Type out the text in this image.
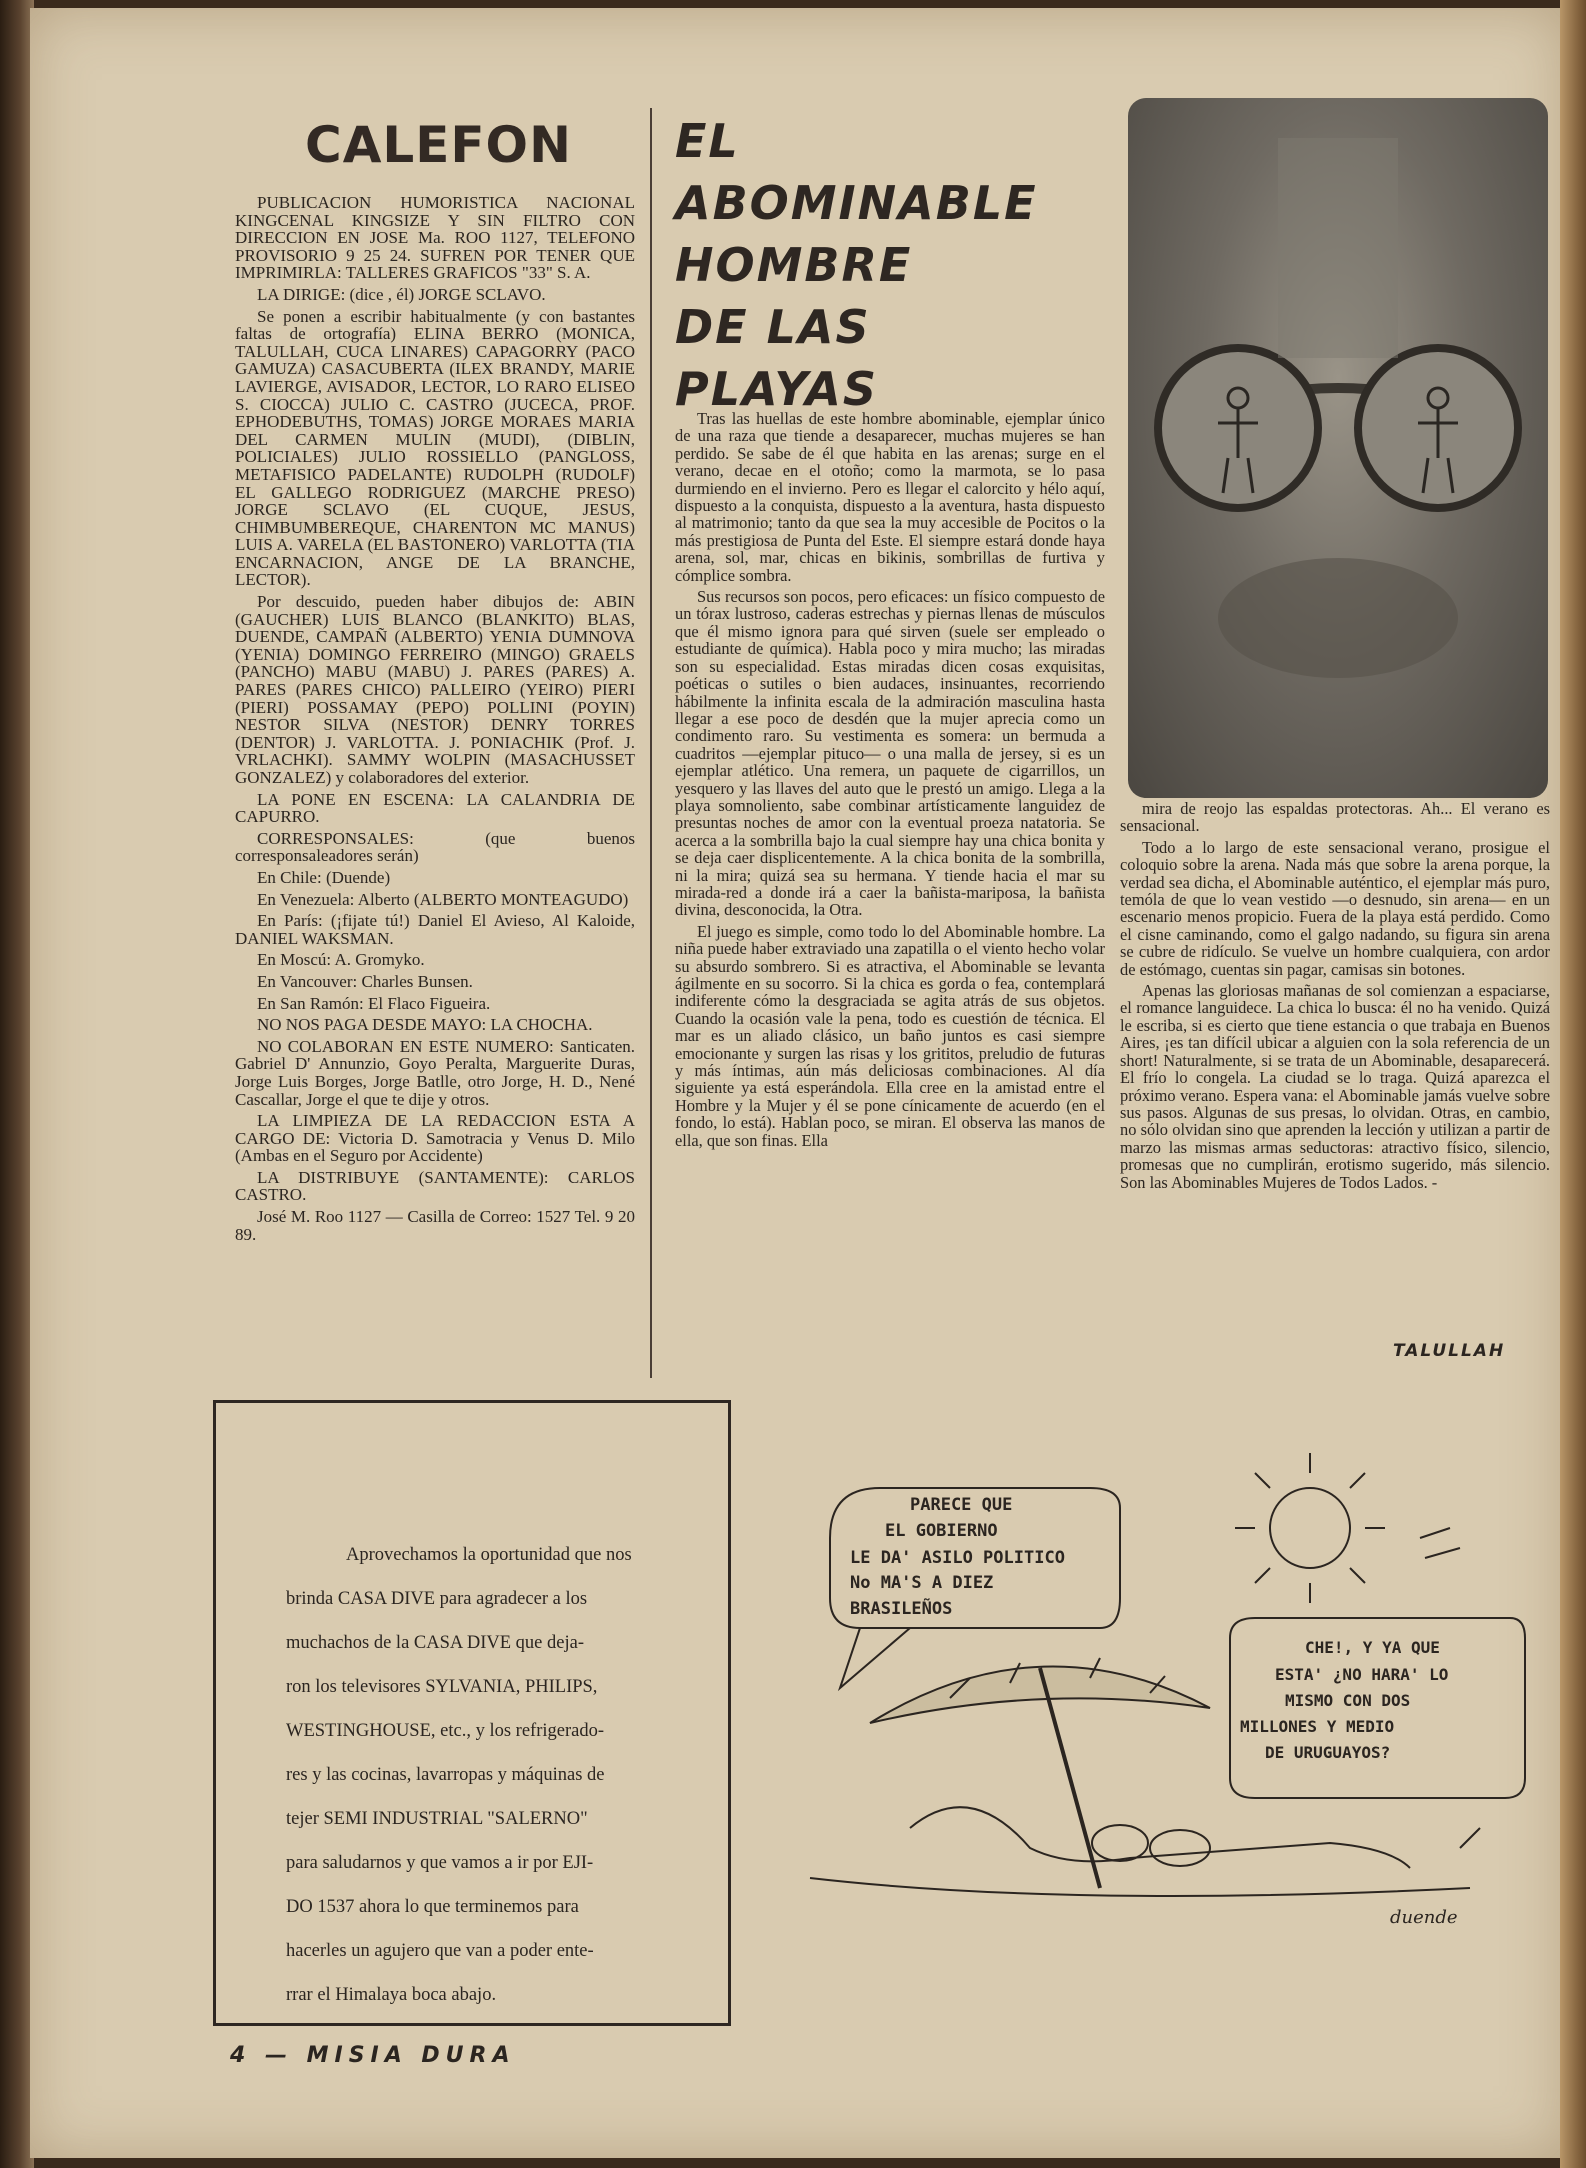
CALEFON

PUBLICACION HUMORISTICA NACIONAL KINGCENAL KINGSIZE Y SIN FILTRO CON DIRECCION EN JOSE Ma. ROO 1127, TELEFONO PROVISORIO 9 25 24. SUFREN POR TENER QUE IMPRIMIRLA: TALLERES GRAFICOS "33" S. A.

LA DIRIGE: (dice , él) JORGE SCLAVO.

Se ponen a escribir habitualmente (y con bastantes faltas de ortografía) ELINA BERRO (MONICA, TALULLAH, CUCA LINARES) CAPAGORRY (PACO GAMUZA) CASACUBERTA (ILEX BRANDY, MARIE LAVIERGE, AVISADOR, LECTOR, LO RARO ELISEO S. CIOCCA) JULIO C. CASTRO (JUCECA, PROF. EPHODEBUTHS, TOMAS) JORGE MORAES MARIA DEL CARMEN MULIN (MUDI), (DIBLIN, POLICIALES) JULIO ROSSIELLO (PANGLOSS, METAFISICO PADELANTE) RUDOLPH (RUDOLF) EL GALLEGO RODRIGUEZ (MARCHE PRESO) JORGE SCLAVO (EL CUQUE, JESUS, CHIMBUMBEREQUE, CHARENTON MC MANUS) LUIS A. VARELA (EL BASTONERO) VARLOTTA (TIA ENCARNACION, ANGE DE LA BRANCHE, LECTOR).

Por descuido, pueden haber dibujos de: ABIN (GAUCHER) LUIS BLANCO (BLANKITO) BLAS, DUENDE, CAMPAÑ (ALBERTO) YENIA DUMNOVA (YENIA) DOMINGO FERREIRO (MINGO) GRAELS (PANCHO) MABU (MABU) J. PARES (PARES) A. PARES (PARES CHICO) PALLEIRO (YEIRO) PIERI (PIERI) POSSAMAY (PEPO) POLLINI (POYIN) NESTOR SILVA (NESTOR) DENRY TORRES (DENTOR) J. VARLOTTA. J. PONIACHIK (Prof. J. VRLACHKI). SAMMY WOLPIN (MASACHUSSET GONZALEZ) y colaboradores del exterior.

LA PONE EN ESCENA: LA CALANDRIA DE CAPURRO.

CORRESPONSALES: (que buenos corresponsaleadores serán)

En Chile: (Duende)

En Venezuela: Alberto (ALBERTO MONTEAGUDO)

En París: (¡fijate tú!) Daniel El Avieso, Al Kaloide, DANIEL WAKSMAN.

En Moscú: A. Gromyko.

En Vancouver: Charles Bunsen.

En San Ramón: El Flaco Figueira.

NO NOS PAGA DESDE MAYO: LA CHOCHA.

NO COLABORAN EN ESTE NUMERO: Santicaten. Gabriel D' Annunzio, Goyo Peralta, Marguerite Duras, Jorge Luis Borges, Jorge Batlle, otro Jorge, H. D., Nené Cascallar, Jorge el que te dije y otros.

LA LIMPIEZA DE LA REDACCION ESTA A CARGO DE: Victoria D. Samotracia y Venus D. Milo (Ambas en el Seguro por Accidente)

LA DISTRIBUYE (SANTAMENTE): CARLOS CASTRO.

José M. Roo 1127 — Casilla de Correo: 1527 Tel. 9 20 89.

EL
ABOMINABLE
HOMBRE
DE LAS
PLAYAS

Tras las huellas de este hombre abominable, ejemplar único de una raza que tiende a desaparecer, muchas mujeres se han perdido. Se sabe de él que habita en las arenas; surge en el verano, decae en el otoño; como la marmota, se lo pasa durmiendo en el invierno. Pero es llegar el calorcito y hélo aquí, dispuesto a la conquista, dispuesto a la aventura, hasta dispuesto al matrimonio; tanto da que sea la muy accesible de Pocitos o la más prestigiosa de Punta del Este. El siempre estará donde haya arena, sol, mar, chicas en bikinis, sombrillas de furtiva y cómplice sombra.

Sus recursos son pocos, pero eficaces: un físico compuesto de un tórax lustroso, caderas estrechas y piernas llenas de músculos que él mismo ignora para qué sirven (suele ser empleado o estudiante de química). Habla poco y mira mucho; las miradas son su especialidad. Estas miradas dicen cosas exquisitas, poéticas o sutiles o bien audaces, insinuantes, recorriendo hábilmente la infinita escala de la admiración masculina hasta llegar a ese poco de desdén que la mujer aprecia como un condimento raro. Su vestimenta es somera: un bermuda a cuadritos —ejemplar pituco— o una malla de jersey, si es un ejemplar atlético. Una remera, un paquete de cigarrillos, un yesquero y las llaves del auto que le prestó un amigo. Llega a la playa somnoliento, sabe combinar artísticamente languidez de presuntas noches de amor con la eventual proeza natatoria. Se acerca a la sombrilla bajo la cual siempre hay una chica bonita y se deja caer displicentemente. A la chica bonita de la sombrilla, ni la mira; quizá sea su hermana. Y tiende hacia el mar su mirada-red a donde irá a caer la bañista-mariposa, la bañista divina, desconocida, la Otra.

El juego es simple, como todo lo del Abominable hombre. La niña puede haber extraviado una zapatilla o el viento hecho volar su absurdo sombrero. Si es atractiva, el Abominable se levanta ágilmente en su socorro. Si la chica es gorda o fea, contemplará indiferente cómo la desgraciada se agita atrás de sus objetos. Cuando la ocasión vale la pena, todo es cuestión de técnica. El mar es un aliado clásico, un baño juntos es casi siempre emocionante y surgen las risas y los grititos, preludio de futuras y más íntimas, aún más deliciosas combinaciones. Al día siguiente ya está esperándola. Ella cree en la amistad entre el Hombre y la Mujer y él se pone cínicamente de acuerdo (en el fondo, lo está). Hablan poco, se miran. El observa las manos de ella, que son finas. Ella

mira de reojo las espaldas protectoras. Ah... El verano es sensacional.

Todo a lo largo de este sensacional verano, prosigue el coloquio sobre la arena. Nada más que sobre la arena porque, la verdad sea dicha, el Abominable auténtico, el ejemplar más puro, temóla de que lo vean vestido —o desnudo, sin arena— en un escenario menos propicio. Fuera de la playa está perdido. Como el cisne caminando, como el galgo nadando, su figura sin arena se cubre de ridículo. Se vuelve un hombre cualquiera, con ardor de estómago, cuentas sin pagar, camisas sin botones.

Apenas las gloriosas mañanas de sol comienzan a espaciarse, el romance languidece. La chica lo busca: él no ha venido. Quizá le escriba, si es cierto que tiene estancia o que trabaja en Buenos Aires, ¡es tan difícil ubicar a alguien con la sola referencia de un short! Naturalmente, si se trata de un Abominable, desaparecerá. El frío lo congela. La ciudad se lo traga. Quizá aparezca el próximo verano. Espera vana: el Abominable jamás vuelve sobre sus pasos. Algunas de sus presas, lo olvidan. Otras, en cambio, no sólo olvidan sino que aprenden la lección y utilizan a partir de marzo las mismas armas seductoras: atractivo físico, silencio, promesas que no cumplirán, erotismo sugerido, más silencio. Son las Abominables Mujeres de Todos Lados. -

TALULLAH
Aprovechamos la oportunidad que nos
brinda CASA DIVE para agradecer a los
muchachos de la CASA DIVE que deja-
ron los televisores SYLVANIA, PHILIPS,
WESTINGHOUSE, etc., y los refrigerado-
res y las cocinas, lavarropas y máquinas de
tejer SEMI INDUSTRIAL "SALERNO"
para saludarnos y que vamos a ir por EJI-
DO 1537 ahora lo que terminemos para
hacerles un agujero que van a poder ente-
rrar el Himalaya boca abajo.
PARECE QUE
EL GOBIERNO
LE DA' ASILO POLITICO
No MA'S A DIEZ
BRASILEÑOS
CHE!, Y YA QUE
ESTA' ¿NO HARA' LO
MISMO CON DOS
MILLONES Y MEDIO
DE URUGUAYOS?
duende
4 — MISIA DURA
